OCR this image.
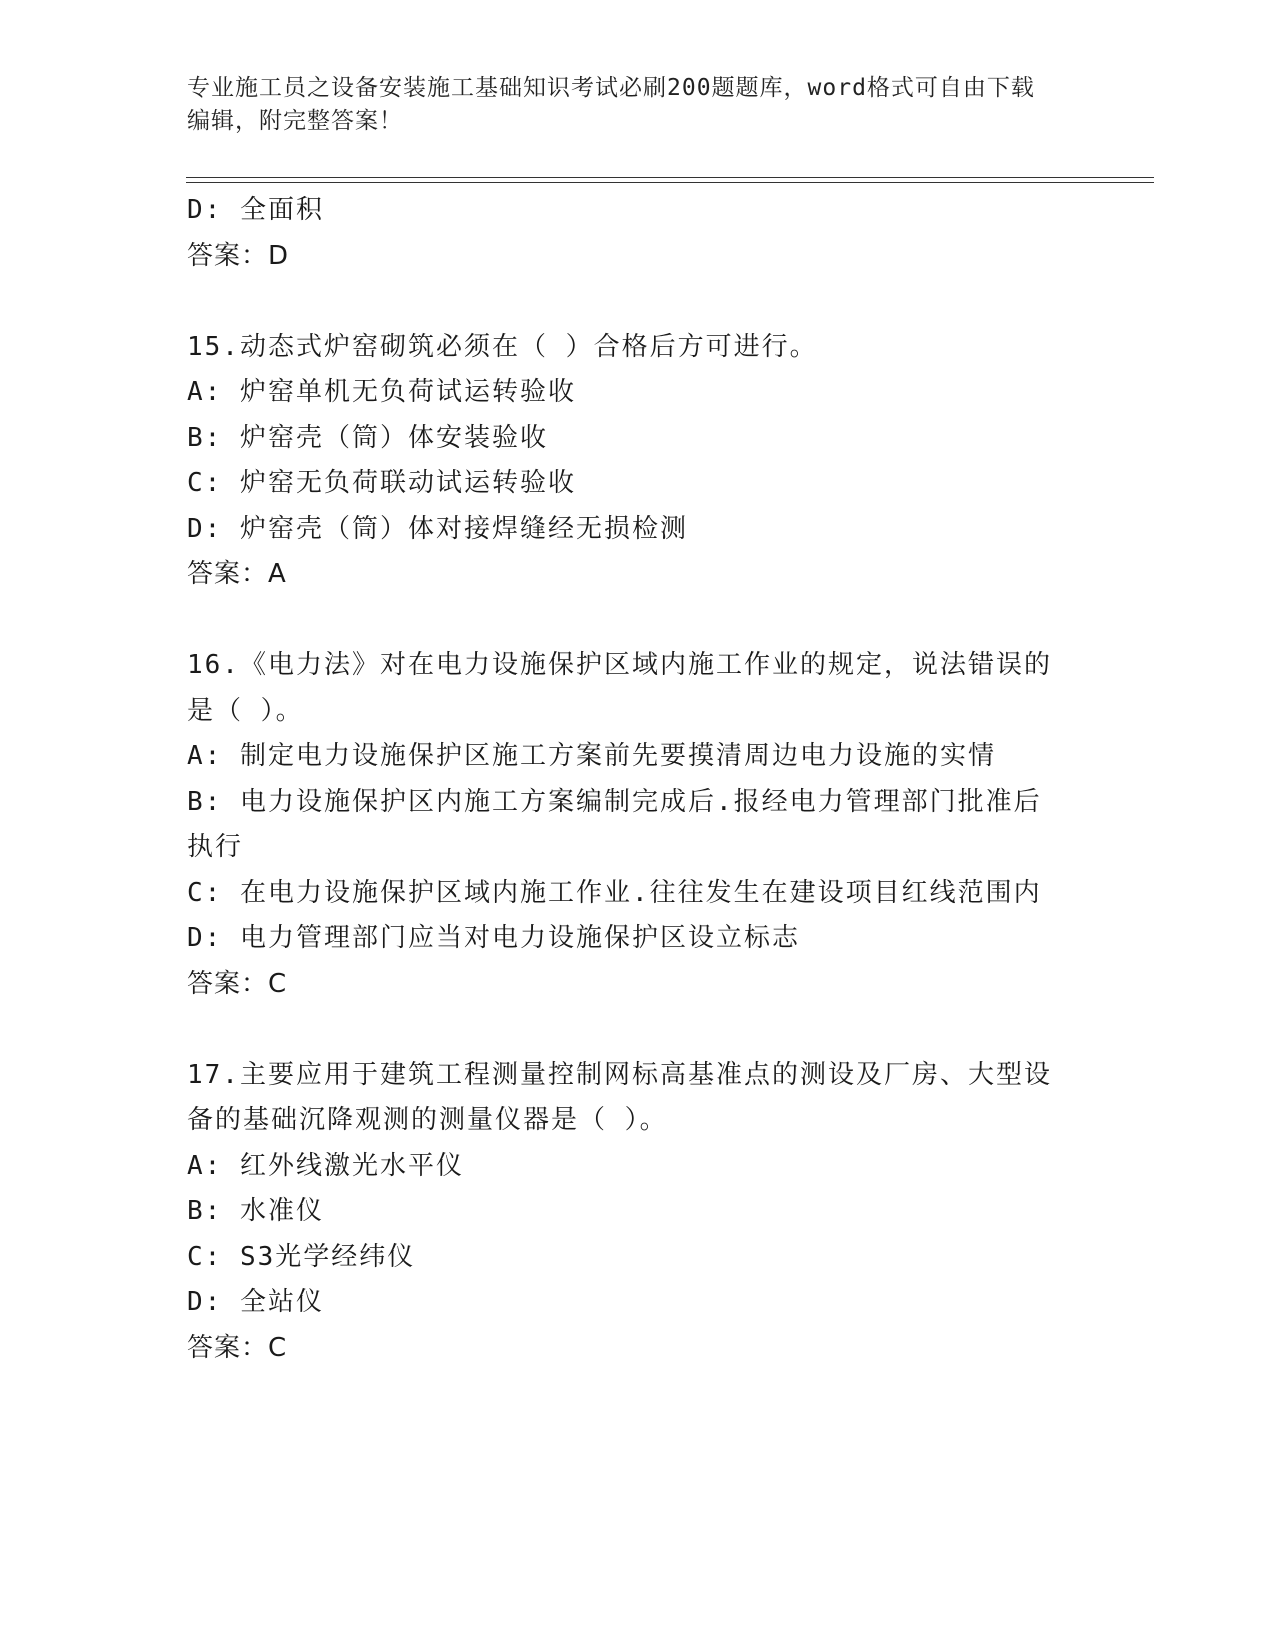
专业施工员之设备安装施工基础知识考试必刷200题题库，word格式可自由下载
编辑，附完整答案！
D: 全面积
答案：D
15.动态式炉窑砌筑必须在（ ）合格后方可进行。
A: 炉窑单机无负荷试运转验收
B: 炉窑壳（筒）体安装验收
C: 炉窑无负荷联动试运转验收
D: 炉窑壳（筒）体对接焊缝经无损检测
答案：A
16.《电力法》对在电力设施保护区域内施工作业的规定，说法错误的
是（ ）。
A: 制定电力设施保护区施工方案前先要摸清周边电力设施的实情
B: 电力设施保护区内施工方案编制完成后.报经电力管理部门批准后
执行
C: 在电力设施保护区域内施工作业.往往发生在建设项目红线范围内
D: 电力管理部门应当对电力设施保护区设立标志
答案：C
17.主要应用于建筑工程测量控制网标高基准点的测设及厂房、大型设
备的基础沉降观测的测量仪器是（ ）。
A: 红外线激光水平仪
B: 水准仪
C: S3光学经纬仪
D: 全站仪
答案：C
